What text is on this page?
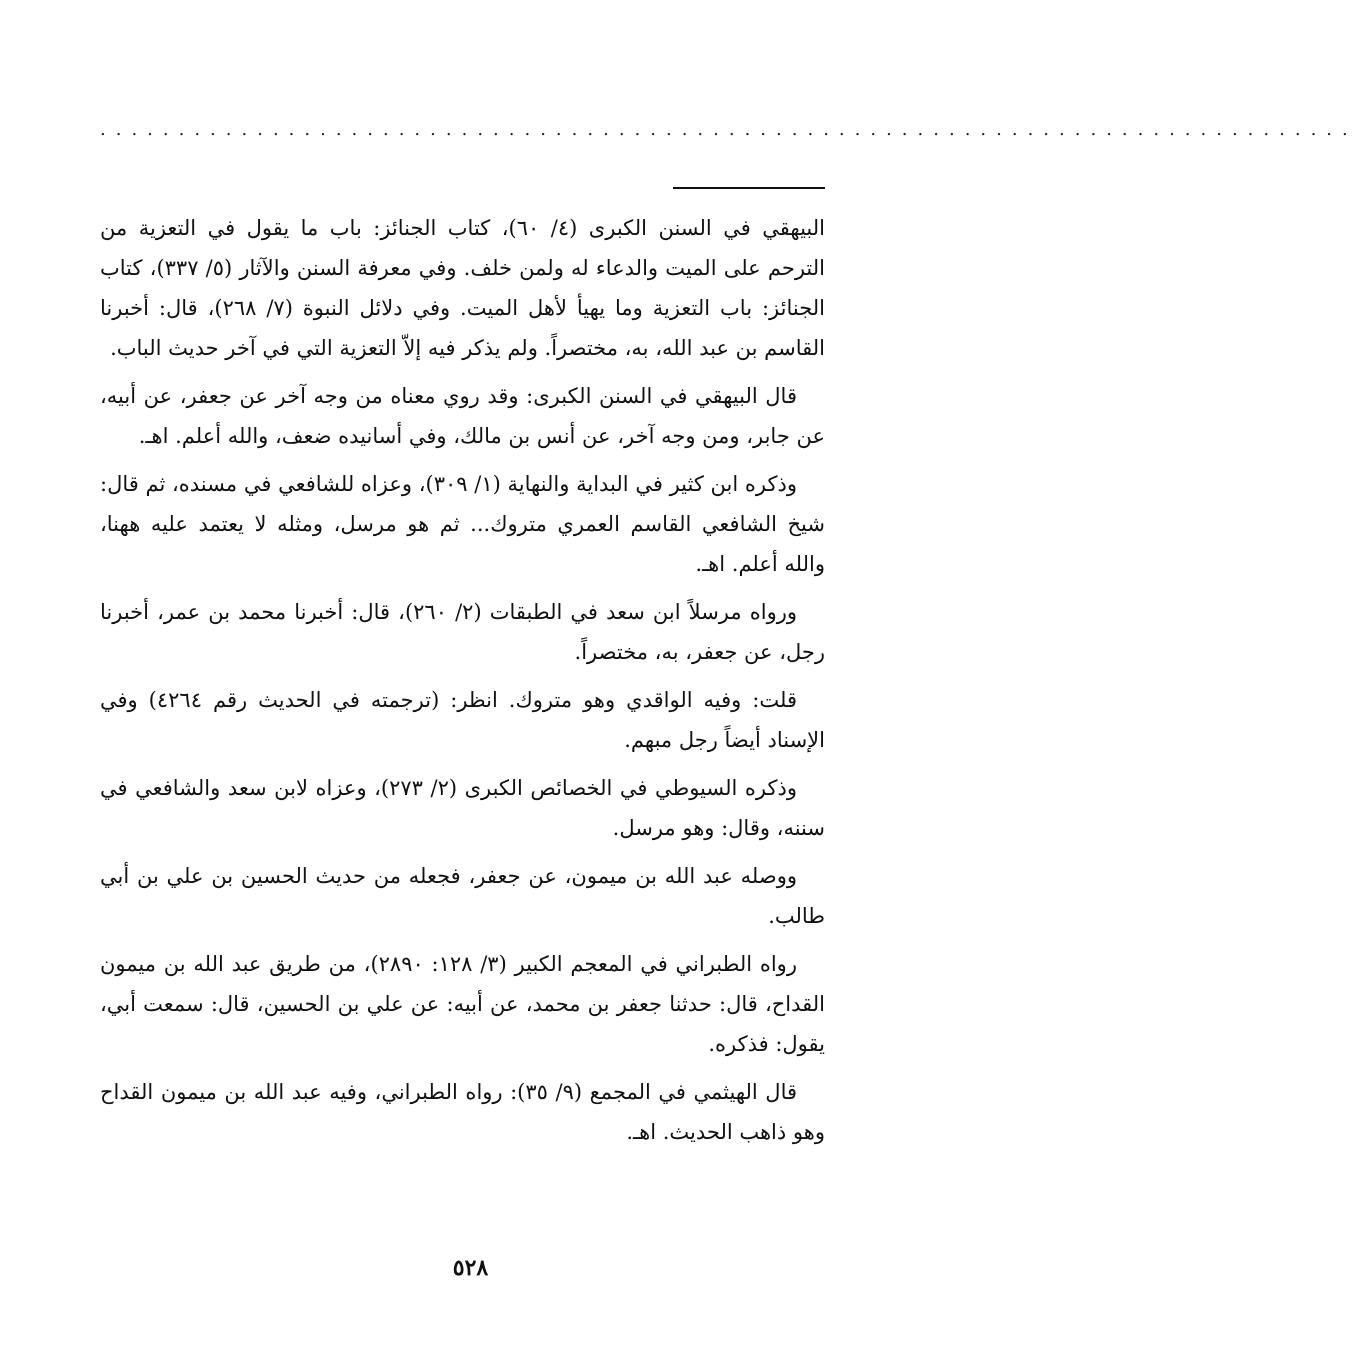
................................................................................

البيهقي في السنن الكبرى (٤/ ٦٠)، كتاب الجنائز: باب ما يقول في التعزية من الترحم على الميت والدعاء له ولمن خلف. وفي معرفة السنن والآثار (٥/ ٣٣٧)، كتاب الجنائز: باب التعزية وما يهيأ لأهل الميت. وفي دلائل النبوة (٧/ ٢٦٨)، قال: أخبرنا القاسم بن عبد الله، به، مختصراً. ولم يذكر فيه إلاّ التعزية التي في آخر حديث الباب.

قال البيهقي في السنن الكبرى: وقد روي معناه من وجه آخر عن جعفر، عن أبيه، عن جابر، ومن وجه آخر، عن أنس بن مالك، وفي أسانيده ضعف، والله أعلم. اهـ.

وذكره ابن كثير في البداية والنهاية (١/ ٣٠٩)، وعزاه للشافعي في مسنده، ثم قال: شيخ الشافعي القاسم العمري متروك... ثم هو مرسل، ومثله لا يعتمد عليه ههنا، والله أعلم. اهـ.

ورواه مرسلاً ابن سعد في الطبقات (٢/ ٢٦٠)، قال: أخبرنا محمد بن عمر، أخبرنا رجل، عن جعفر، به، مختصراً.

قلت: وفيه الواقدي وهو متروك. انظر: (ترجمته في الحديث رقم ٤٢٦٤) وفي الإسناد أيضاً رجل مبهم.

وذكره السيوطي في الخصائص الكبرى (٢/ ٢٧٣)، وعزاه لابن سعد والشافعي في سننه، وقال: وهو مرسل.

ووصله عبد الله بن ميمون، عن جعفر، فجعله من حديث الحسين بن علي بن أبي طالب.

رواه الطبراني في المعجم الكبير (٣/ ١٢٨: ٢٨٩٠)، من طريق عبد الله بن ميمون القداح، قال: حدثنا جعفر بن محمد، عن أبيه: عن علي بن الحسين، قال: سمعت أبي، يقول: فذكره.

قال الهيثمي في المجمع (٩/ ٣٥): رواه الطبراني، وفيه عبد الله بن ميمون القداح وهو ذاهب الحديث. اهـ.

٥٢٨
